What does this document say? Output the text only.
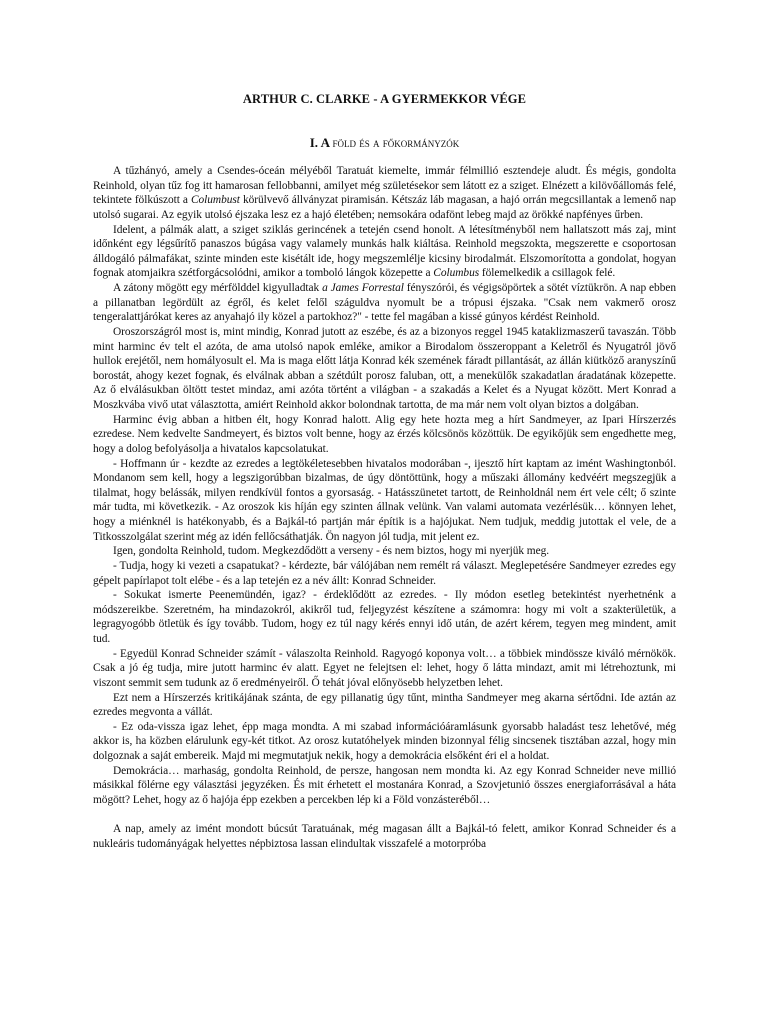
ARTHUR C. CLARKE - A GYERMEKKOR VÉGE
I. A föld és a főkormányzók

A tűzhányó, amely a Csendes-óceán mélyéből Taratuát kiemelte, immár félmillió esztendeje aludt. És mégis, gondolta Reinhold, olyan tűz fog itt hamarosan fellobbanni, amilyet még születésekor sem látott ez a sziget. Elnézett a kilövőállomás felé, tekintete fölkúszott a Columbust körülvevő állványzat piramisán. Kétszáz láb magasan, a hajó orrán megcsillantak a lemenő nap utolsó sugarai. Az egyik utolsó éjszaka lesz ez a hajó életében; nemsokára odafönt lebeg majd az örökké napfényes űrben.

Idelent, a pálmák alatt, a sziget sziklás gerincének a tetején csend honolt. A létesítményből nem hallatszott más zaj, mint időnként egy légsűrítő panaszos búgása vagy valamely munkás halk kiáltása. Reinhold megszokta, megszerette e csoportosan álldogáló pálmafákat, szinte minden este kisétált ide, hogy megszemlélje kicsiny birodalmát. Elszomorította a gondolat, hogyan fognak atomjaikra szétforgácsolódni, amikor a tomboló lángok közepette a Columbus fölemelkedik a csillagok felé.

A zátony mögött egy mérfölddel kigyulladtak a James Forrestal fényszórói, és végigsöpörtek a sötét víztükrön. A nap ebben a pillanatban legördült az égről, és kelet felől száguldva nyomult be a trópusi éjszaka. "Csak nem vakmerő orosz tengeralattjárókat keres az anyahajó ily közel a partokhoz?" - tette fel magában a kissé gúnyos kérdést Reinhold.

Oroszországról most is, mint mindig, Konrad jutott az eszébe, és az a bizonyos reggel 1945 kataklizmaszerű tavaszán. Több mint harminc év telt el azóta, de ama utolsó napok emléke, amikor a Birodalom összeroppant a Keletről és Nyugatról jövő hullok erejétől, nem homályosult el. Ma is maga előtt látja Konrad kék szemének fáradt pillantását, az állán kiütköző aranyszínű borostát, ahogy kezet fognak, és elválnak abban a szétdúlt porosz faluban, ott, a menekülők szakadatlan áradatának közepette. Az ő elválásukban öltött testet mindaz, ami azóta történt a világban - a szakadás a Kelet és a Nyugat között. Mert Konrad a Moszkvába vivő utat választotta, amiért Reinhold akkor bolondnak tartotta, de ma már nem volt olyan biztos a dolgában.

Harminc évig abban a hitben élt, hogy Konrad halott. Alig egy hete hozta meg a hírt Sandmeyer, az Ipari Hírszerzés ezredese. Nem kedvelte Sandmeyert, és biztos volt benne, hogy az érzés kölcsönös közöttük. De egyikőjük sem engedhette meg, hogy a dolog befolyásolja a hivatalos kapcsolatukat.

- Hoffmann úr - kezdte az ezredes a legtökéletesebben hivatalos modorában -, ijesztő hírt kaptam az imént Washingtonból. Mondanom sem kell, hogy a legszigorúbban bizalmas, de úgy döntöttünk, hogy a műszaki állomány kedvéért megszegjük a tilalmat, hogy belássák, milyen rendkívül fontos a gyorsaság. - Hatásszünetet tartott, de Reinholdnál nem ért vele célt; ő szinte már tudta, mi következik. - Az oroszok kis híján egy szinten állnak velünk. Van valami automata vezérlésük… könnyen lehet, hogy a miénknél is hatékonyabb, és a Bajkál-tó partján már építik is a hajójukat. Nem tudjuk, meddig jutottak el vele, de a Titkosszolgálat szerint még az idén fellőcsáthatják. Ön nagyon jól tudja, mit jelent ez.

Igen, gondolta Reinhold, tudom. Megkezdődött a verseny - és nem biztos, hogy mi nyerjük meg.

- Tudja, hogy ki vezeti a csapatukat? - kérdezte, bár válójában nem remélt rá választ. Meglepetésére Sandmeyer ezredes egy gépelt papírlapot tolt elébe - és a lap tetején ez a név állt: Konrad Schneider.

- Sokukat ismerte Peenemündén, igaz? - érdeklődött az ezredes. - Ily módon esetleg betekintést nyerhetnénk a módszereikbe. Szeretném, ha mindazokról, akikről tud, feljegyzést készítene a számomra: hogy mi volt a szakterületük, a legragyogóbb ötletük és így tovább. Tudom, hogy ez túl nagy kérés ennyi idő után, de azért kérem, tegyen meg mindent, amit tud.

- Egyedül Konrad Schneider számít - válaszolta Reinhold. Ragyogó koponya volt… a többiek mindössze kiváló mérnökök. Csak a jó ég tudja, mire jutott harminc év alatt. Egyet ne felejtsen el: lehet, hogy ő látta mindazt, amit mi létrehoztunk, mi viszont semmit sem tudunk az ő eredményeiről. Ő tehát jóval előnyösebb helyzetben lehet.

Ezt nem a Hírszerzés kritikájának szánta, de egy pillanatig úgy tűnt, mintha Sandmeyer meg akarna sértődni. Ide aztán az ezredes megvonta a vállát.

- Ez oda-vissza igaz lehet, épp maga mondta. A mi szabad információáramlásunk gyorsabb haladást tesz lehetővé, még akkor is, ha közben elárulunk egy-két titkot. Az orosz kutatóhelyek minden bizonnyal félig sincsenek tisztában azzal, hogy min dolgoznak a saját embereik. Majd mi megmutatjuk nekik, hogy a demokrácia elsőként éri el a holdat.

Demokrácia… marhaság, gondolta Reinhold, de persze, hangosan nem mondta ki. Az egy Konrad Schneider neve millió másikkal fölérne egy választási jegyzéken. És mit érhetett el mostanára Konrad, a Szovjetunió összes energiaforrásával a háta mögött? Lehet, hogy az ő hajója épp ezekben a percekben lép ki a Föld vonzásteréből…

A nap, amely az imént mondott búcsút Taratuának, még magasan állt a Bajkál-tó felett, amikor Konrad Schneider és a nukleáris tudományágak helyettes népbiztosa lassan elindultak visszafelé a motorpróba
